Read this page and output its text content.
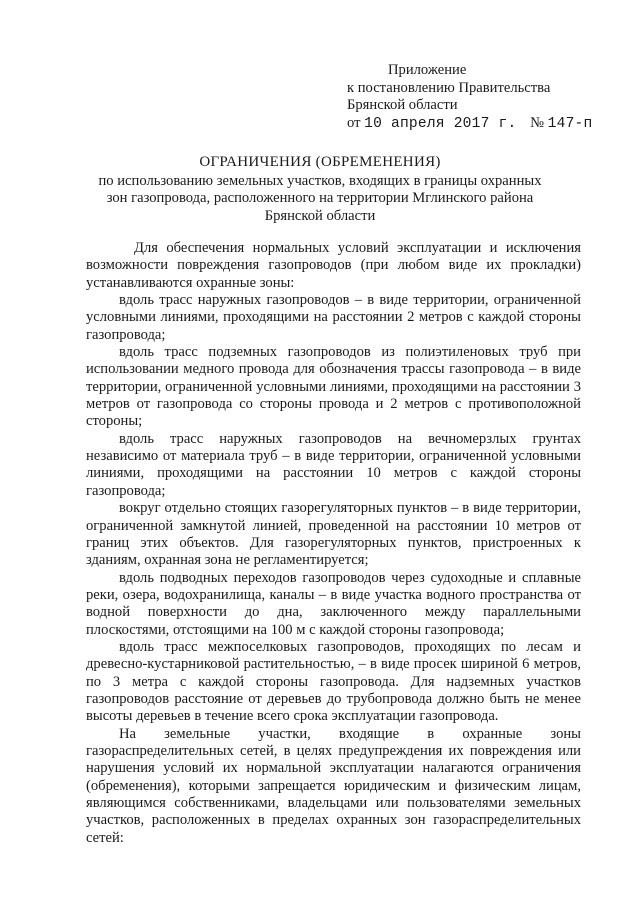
Приложение
к постановлению Правительства
Брянской области
от 10 апреля 2017 г. № 147-п
ОГРАНИЧЕНИЯ (ОБРЕМЕНЕНИЯ)
по использованию земельных участков, входящих в границы охранных
зон газопровода, расположенного на территории Мглинского района
Брянской области

Для обеспечения нормальных условий эксплуатации и исключения возможности повреждения газопроводов (при любом виде их прокладки) устанавливаются охранные зоны:

вдоль трасс наружных газопроводов – в виде территории, ограниченной условными линиями, проходящими на расстоянии 2 метров с каждой стороны газопровода;

вдоль трасс подземных газопроводов из полиэтиленовых труб при использовании медного провода для обозначения трассы газопровода – в виде территории, ограниченной условными линиями, проходящими на расстоянии 3 метров от газопровода со стороны провода и 2 метров с противоположной стороны;

вдоль трасс наружных газопроводов на вечномерзлых грунтах независимо от материала труб – в виде территории, ограниченной условными линиями, проходящими на расстоянии 10 метров с каждой стороны газопровода;

вокруг отдельно стоящих газорегуляторных пунктов – в виде территории, ограниченной замкнутой линией, проведенной на расстоянии 10 метров от границ этих объектов. Для газорегуляторных пунктов, пристроенных к зданиям, охранная зона не регламентируется;

вдоль подводных переходов газопроводов через судоходные и сплавные реки, озера, водохранилища, каналы – в виде участка водного пространства от водной поверхности до дна, заключенного между параллельными плоскостями, отстоящими на 100 м с каждой стороны газопровода;

вдоль трасс межпоселковых газопроводов, проходящих по лесам и древесно-кустарниковой растительностью, – в виде просек шириной 6 метров, по 3 метра с каждой стороны газопровода. Для надземных участков газопроводов расстояние от деревьев до трубопровода должно быть не менее высоты деревьев в течение всего срока эксплуатации газопровода.

На земельные участки, входящие в охранные зоны газораспределительных сетей, в целях предупреждения их повреждения или нарушения условий их нормальной эксплуатации налагаются ограничения (обременения), которыми запрещается юридическим и физическим лицам, являющимся собственниками, владельцами или пользователями земельных участков, расположенных в пределах охранных зон газораспределительных сетей:
